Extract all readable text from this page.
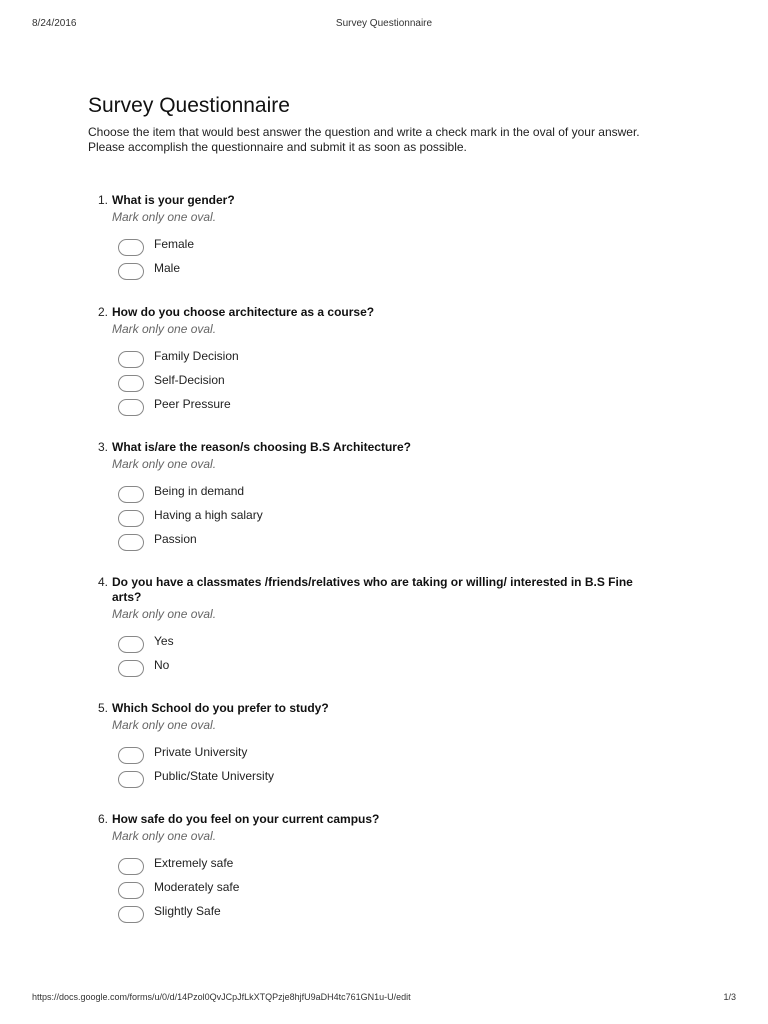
8/24/2016	Survey Questionnaire
Survey Questionnaire
Choose the item that would best answer the question and write a check mark in the oval of your answer.
Please accomplish the questionnaire and submit it as soon as possible.
1. What is your gender?
Mark only one oval.
Female
Male
2. How do you choose architecture as a course?
Mark only one oval.
Family Decision
Self-Decision
Peer Pressure
3. What is/are the reason/s choosing B.S Architecture?
Mark only one oval.
Being in demand
Having a high salary
Passion
4. Do you have a classmates /friends/relatives who are taking or willing/ interested in B.S Fine
arts?
Mark only one oval.
Yes
No
5. Which School do you prefer to study?
Mark only one oval.
Private University
Public/State University
6. How safe do you feel on your current campus?
Mark only one oval.
Extremely safe
Moderately safe
Slightly Safe
https://docs.google.com/forms/u/0/d/14Pzol0QvJCpJfLkXTQPzje8hjfU9aDH4tc761GN1u-U/edit	1/3
